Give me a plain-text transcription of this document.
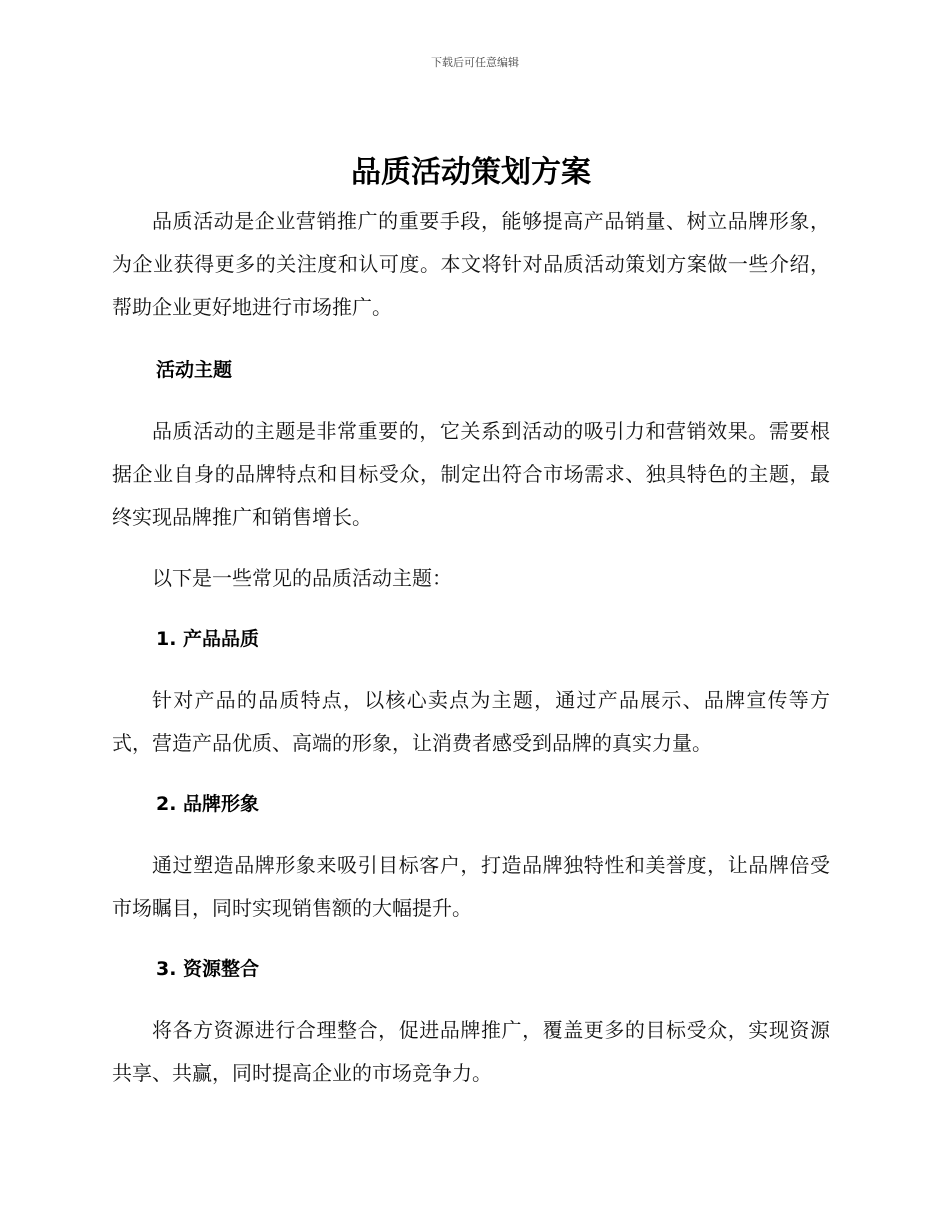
下载后可任意编辑
品质活动策划方案

品质活动是企业营销推广的重要手段，能够提高产品销量、树立品牌形象，为企业获得更多的关注度和认可度。本文将针对品质活动策划方案做一些介绍，帮助企业更好地进行市场推广。

活动主题

品质活动的主题是非常重要的，它关系到活动的吸引力和营销效果。需要根据企业自身的品牌特点和目标受众，制定出符合市场需求、独具特色的主题，最终实现品牌推广和销售增长。

以下是一些常见的品质活动主题：

1. 产品品质

针对产品的品质特点，以核心卖点为主题，通过产品展示、品牌宣传等方式，营造产品优质、高端的形象，让消费者感受到品牌的真实力量。

2. 品牌形象

通过塑造品牌形象来吸引目标客户，打造品牌独特性和美誉度，让品牌倍受市场瞩目，同时实现销售额的大幅提升。

3. 资源整合

将各方资源进行合理整合，促进品牌推广，覆盖更多的目标受众，实现资源共享、共赢，同时提高企业的市场竞争力。
